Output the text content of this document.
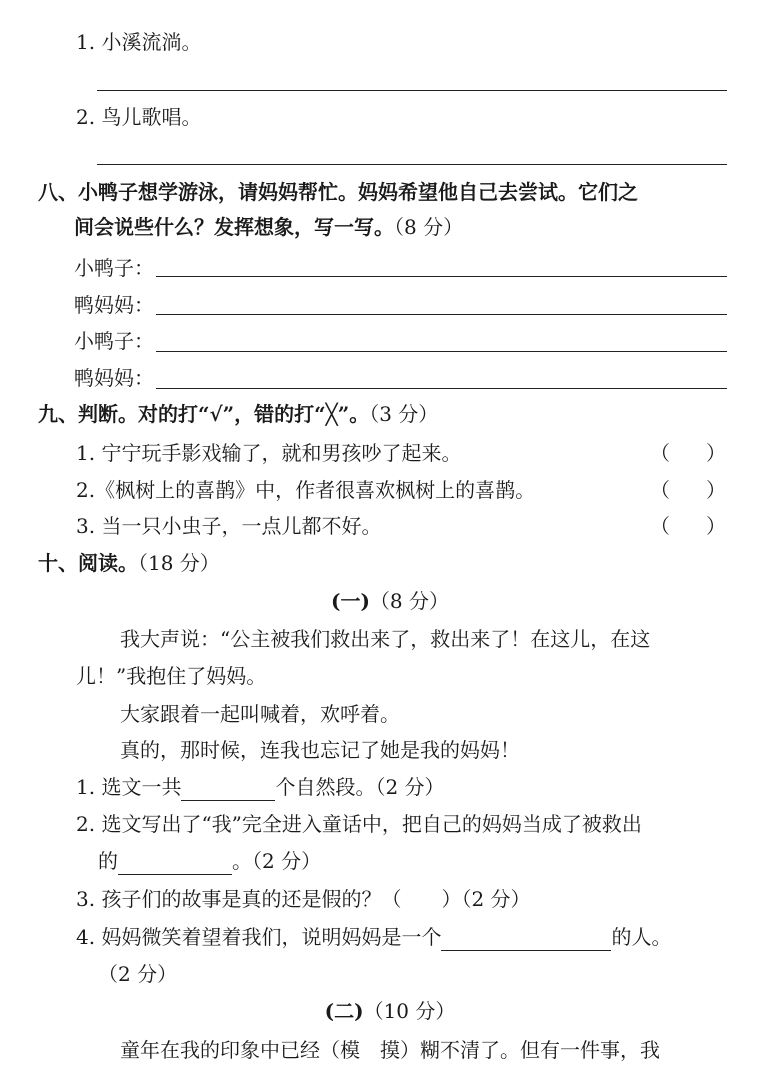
1. 小溪流淌。
2. 鸟儿歌唱。
八、小鸭子想学游泳，请妈妈帮忙。妈妈希望他自己去尝试。它们之
间会说些什么？发挥想象，写一写。（8 分）
小鸭子：
鸭妈妈：
小鸭子：
鸭妈妈：
九、判断。对的打“√”，错的打“╳”。（3 分）
1. 宁宁玩手影戏输了，就和男孩吵了起来。	（ ）
2.《枫树上的喜鹊》中，作者很喜欢枫树上的喜鹊。	（ ）
3. 当一只小虫子，一点儿都不好。	（ ）
十、阅读。（18 分）
(一)（8 分）
我大声说：“公主被我们救出来了，救出来了！在这儿，在这
儿！”我抱住了妈妈。
大家跟着一起叫喊着，欢呼着。
真的，那时候，连我也忘记了她是我的妈妈！
1. 选文一共	个自然段。（2 分）
2. 选文写出了“我”完全进入童话中，把自己的妈妈当成了被救出
的	。（2 分）
3. 孩子们的故事是真的还是假的？（　　）（2 分）
4. 妈妈微笑着望着我们，说明妈妈是一个	的人。
（2 分）
(二)（10 分）
童年在我的印象中已经（模　摸）糊不清了。但有一件事，我
